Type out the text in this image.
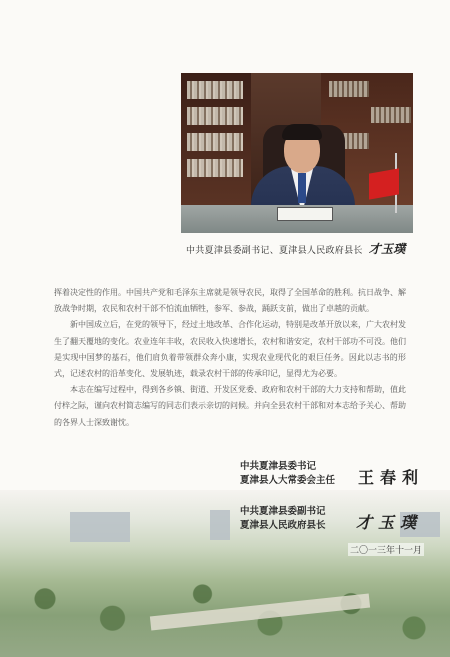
中共夏津县委副书记、夏津县人民政府县长 才玉璞

挥着决定性的作用。中国共产党和毛泽东主席就是领导农民，取得了全国革命的胜利。抗日战争、解放战争时期，农民和农村干部不怕流血牺牲，参军、参战，踊跃支前，做出了卓越的贡献。

新中国成立后，在党的领导下，经过土地改革、合作化运动，特别是改革开放以来，广大农村发生了翻天覆地的变化。农业连年丰收，农民收入快速增长，农村和谐安定，农村干部功不可没。他们是实现中国梦的基石，他们肩负着带领群众奔小康，实现农业现代化的艰巨任务。因此以志书的形式，记述农村的沿革变化、发展轨迹，载录农村干部的传承印记，显得尤为必要。

本志在编写过程中，得到各乡镇、街道、开发区党委、政府和农村干部的大力支持和帮助，值此付梓之际，谨向农村简志编写的同志们表示亲切的问候。并向全县农村干部和对本志给予关心、帮助的各界人士深致谢忱。

中共夏津县委书记
夏津县人大常委会主任 王春利
中共夏津县委副书记
夏津县人民政府县长 才玉璞
二〇一三年十一月
